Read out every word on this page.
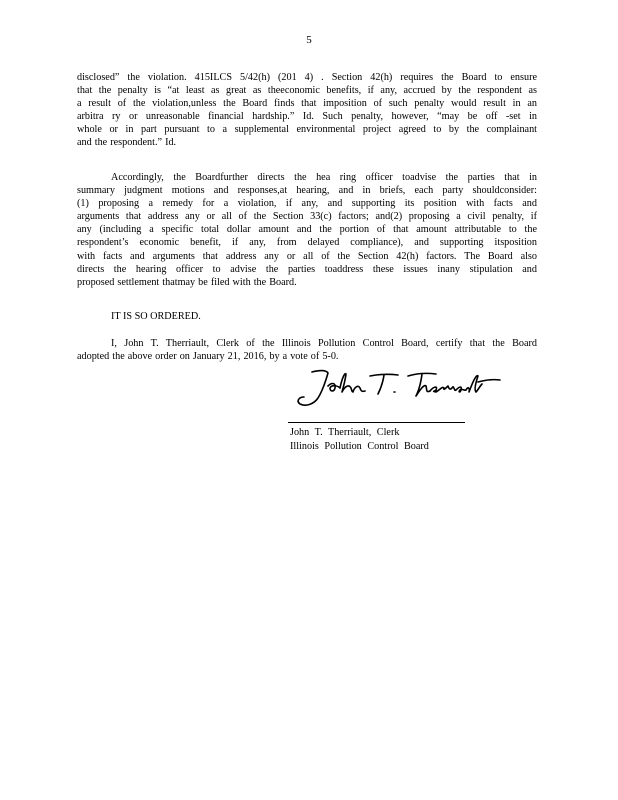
5
disclosed” the violation. 415ILCS 5/42(h) (201 4) . Section 42(h) requires the Board to ensure
that the penalty is “at least as great as theeconomic benefits, if any, accrued by the respondent as
a result of the violation,unless the Board finds that imposition of such penalty would result in an
arbitra ry or unreasonable financial hardship.” Id. Such penalty, however, “may be off -set in
whole or in part pursuant to a supplemental environmental project agreed to by the complainant
and the respondent.” Id.
Accordingly, the Boardfurther directs the hea ring officer toadvise the parties that in
summary judgment motions and responses,at hearing, and in briefs, each party shouldconsider:
(1) proposing a remedy for a violation, if any, and supporting its position with facts and
arguments that address any or all of the Section 33(c) factors; and(2) proposing a civil penalty, if
any (including a specific total dollar amount and the portion of that amount attributable to the
respondent’s economic benefit, if any, from delayed compliance), and supporting itsposition
with facts and arguments that address any or all of the Section 42(h) factors. The Board also
directs the hearing officer to advise the parties toaddress these issues inany stipulation and
proposed settlement thatmay be filed with the Board.
IT IS SO ORDERED.
I, John T. Therriault, Clerk of the Illinois Pollution Control Board, certify that the Board
adopted the above order on January 21, 2016, by a vote of 5-0.
John T. Therriault, Clerk
Illinois Pollution Control Board
